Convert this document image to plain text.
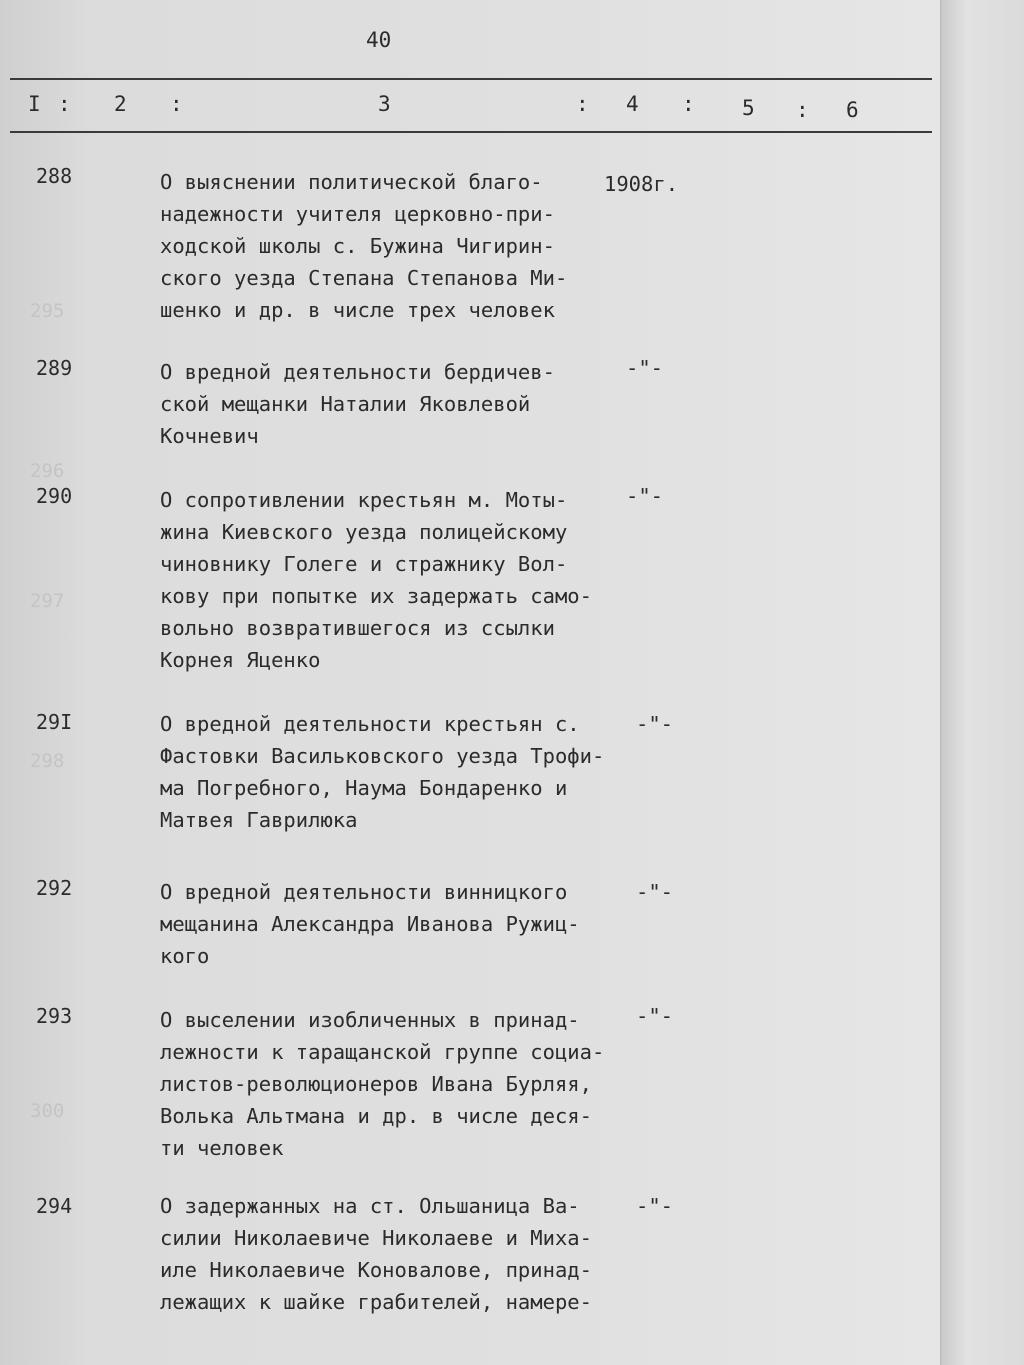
40
I : 2 :	3	: 4 : 5 : 6
295
296
297
298
300
288	О выяснении политической благо-
надежности учителя церковно-при-
ходской школы с. Бужина Чигирин-
ского уезда Степана Степанова Ми-
шенко и др. в числе трех человек
1908г.
289	О вредной деятельности бердичев-
ской мещанки Наталии Яковлевой
Кочневич
-"-
290	О сопротивлении крестьян м. Моты-
жина Киевского уезда полицейскому
чиновнику Голеге и стражнику Вол-
кову при попытке их задержать само-
вольно возвратившегося из ссылки
Корнея Яценко
-"-
29I	О вредной деятельности крестьян с.
Фастовки Васильковского уезда Трофи-
ма Погребного, Наума Бондаренко и
Матвея Гаврилюка
-"-
292	О вредной деятельности винницкого
мещанина Александра Иванова Ружиц-
кого
-"-
293	О выселении изобличенных в принад-
лежности к таращанской группе социа-
листов-революционеров Ивана Бурляя,
Волька Альтмана и др. в числе деся-
ти человек
-"-
294	О задержанных на ст. Ольшаница Ва-
силии Николаевиче Николаеве и Миха-
иле Николаевиче Коновалове, принад-
лежащих к шайке грабителей, намере-
-"-
